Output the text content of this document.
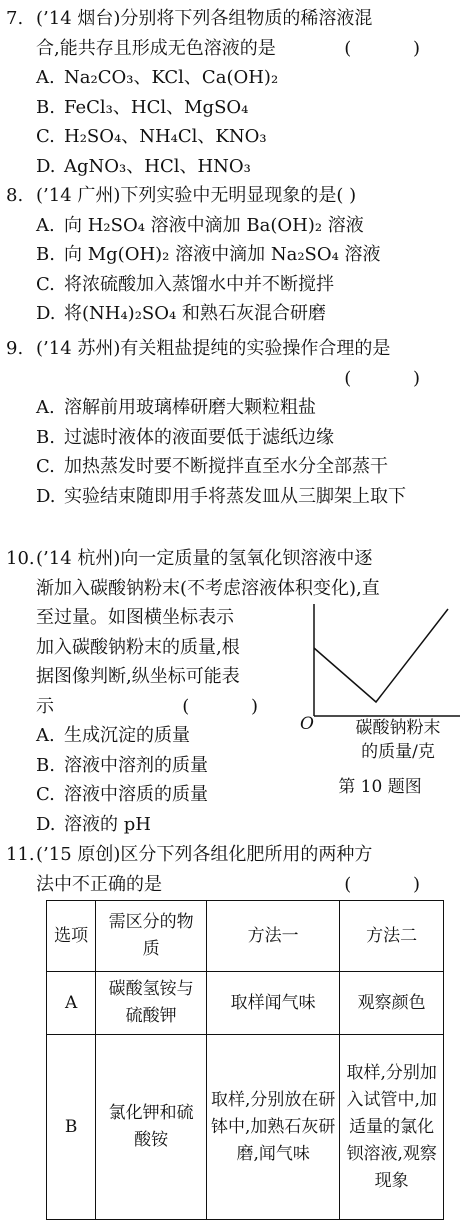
7. (’14 烟台)分别将下列各组物质的稀溶液混

合,能共存且形成无色溶液的是	( )

A. Na₂CO₃、KCl、Ca(OH)₂

B. FeCl₃、HCl、MgSO₄

C. H₂SO₄、NH₄Cl、KNO₃

D. AgNO₃、HCl、HNO₃

8. (’14 广州)下列实验中无明显现象的是( )

A. 向 H₂SO₄ 溶液中滴加 Ba(OH)₂ 溶液

B. 向 Mg(OH)₂ 溶液中滴加 Na₂SO₄ 溶液

C. 将浓硫酸加入蒸馏水中并不断搅拌

D. 将(NH₄)₂SO₄ 和熟石灰混合研磨

9. (’14 苏州)有关粗盐提纯的实验操作合理的是

( )

A. 溶解前用玻璃棒研磨大颗粒粗盐

B. 过滤时液体的液面要低于滤纸边缘

C. 加热蒸发时要不断搅拌直至水分全部蒸干

D. 实验结束随即用手将蒸发皿从三脚架上取下

10.(’14 杭州)向一定质量的氢氧化钡溶液中逐

渐加入碳酸钠粉末(不考虑溶液体积变化),直

至过量。如图横坐标表示

加入碳酸钠粉末的质量,根

据图像判断,纵坐标可能表

示	( )

A. 生成沉淀的质量

B. 溶液中溶剂的质量

C. 溶液中溶质的质量

D. 溶液的 pH

O	碳酸钠粉末
的质量/克
第 10 题图

11.(’15 原创)区分下列各组化肥所用的两种方

法中不正确的是	( )

选项	需区分的物质	方法一	方法二
A	碳酸氢铵与硫酸钾	取样闻气味	观察颜色
B	氯化钾和硫酸铵	取样,分别放在研钵中,加熟石灰研磨,闻气味	取样,分别加入试管中,加适量的氯化钡溶液,观察现象
